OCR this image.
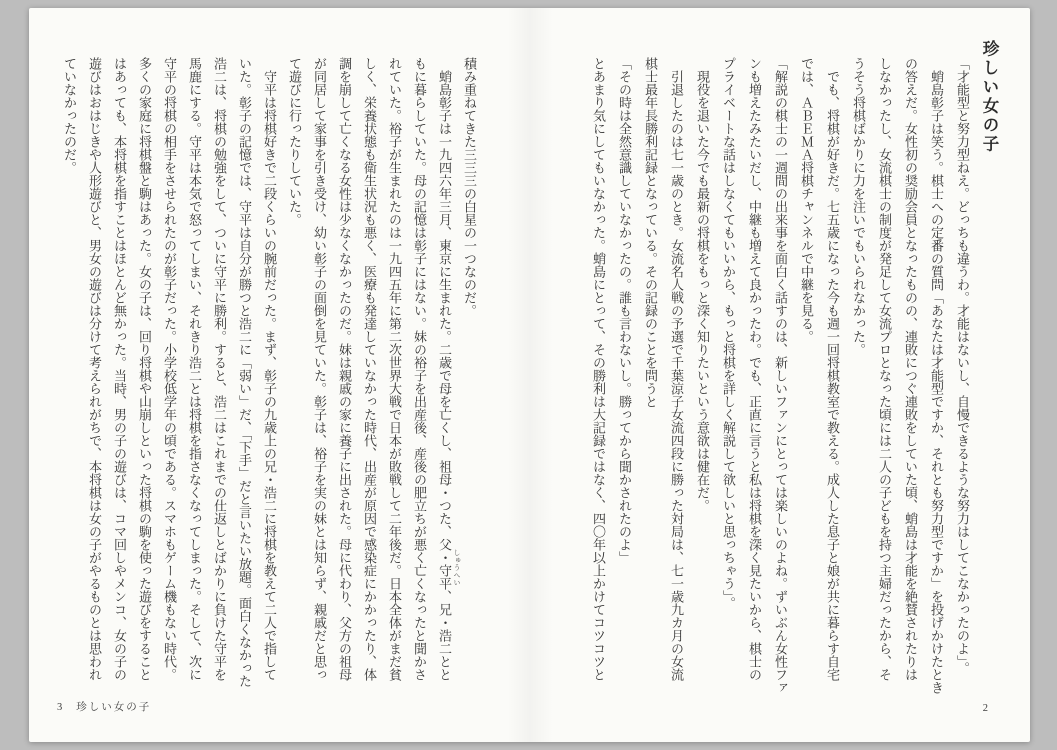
珍しい女の子
「才能型と努力型ねえ。どっちも違うわ。才能はないし、自慢できるような努力はしてこなかったのよ」。
　蛸島彰子は笑う。棋士への定番の質問「あなたは才能型ですか、それとも努力型ですか」を投げかけたとき
の答えだ。女性初の奨励会員となったものの、連敗につぐ連敗をしていた頃、蛸島は才能を絶賛されたりは
しなかったし、女流棋士の制度が発足して女流プロとなった頃には二人の子どもを持つ主婦だったから、そ
うそう将棋ばかりに力を注いでもいられなかった。
　でも、将棋が好きだ。七五歳になった今も週一回将棋教室で教える。成人した息子と娘が共に暮らす自宅
では、ＡＢＥＭＡ将棋チャンネルで中継を見る。
「解説の棋士の一週間の出来事を面白く話すのは、新しいファンにとっては楽しいのよね。ずいぶん女性ファ
ンも増えたみたいだし、中継も増えて良かったわ。でも、正直に言うと私は将棋を深く見たいから、棋士の
プライベートな話はしなくてもいいから、もっと将棋を詳しく解説して欲しいと思っちゃう」。
　現役を退いた今でも最新の将棋をもっと深く知りたいという意欲は健在だ。
　引退したのは七一歳のとき。女流名人戦の予選で千葉涼子女流四段に勝った対局は、七一歳九カ月の女流
棋士最年長勝利記録となっている。その記録のことを問うと
「その時は全然意識していなかったの。誰も言わないし。勝ってから聞かされたのよ」
とあまり気にしてもいなかった。蛸島にとって、その勝利は大記録ではなく、四〇年以上かけてコツコツと
2
しゅうへい
積み重ねてきた三三三の白星の一つなのだ。
　蛸島彰子は一九四六年三月、東京に生まれた。二歳で母を亡くし、祖母・つた、父・守平、兄・浩二とと
もに暮らしていた。母の記憶は彰子にはない。妹の裕子を出産後、産後の肥立ちが悪く亡くなったと聞かさ
れていた。裕子が生まれたのは一九四五年に第二次世界大戦で日本が敗戦して二年後だ。日本全体がまだ貧
しく、栄養状態も衛生状況も悪く、医療も発達していなかった時代、出産が原因で感染症にかかったり、体
調を崩して亡くなる女性は少なくなかったのだ。妹は親戚の家に養子に出された。母に代わり、父方の祖母
が同居して家事を引き受け、幼い彰子の面倒を見ていた。彰子は、裕子を実の妹とは知らず、親戚だと思っ
て遊びに行ったりしていた。
　守平は将棋好きで二段くらいの腕前だった。まず、彰子の九歳上の兄・浩二に将棋を教えて二人で指して
いた。彰子の記憶では、守平は自分が勝つと浩二に「弱い」だ、「下手」だと言いたい放題。面白くなかった
浩二は、将棋の勉強をして、ついに守平に勝利。すると、浩二はこれまでの仕返しとばかりに負けた守平を
馬鹿にする。守平は本気で怒ってしまい、それきり浩二とは将棋を指さなくなってしまった。そして、次に
守平の将棋の相手をさせられたのが彰子だった。小学校低学年の頃である。スマホもゲーム機もない時代。
多くの家庭に将棋盤と駒はあった。女の子は、回り将棋や山崩しといった将棋の駒を使った遊びをすること
はあっても、本将棋を指すことはほとんど無かった。当時、男の子の遊びは、コマ回しやメンコ、女の子の
遊びはおはじきや人形遊びと、男女の遊びは分けて考えられがちで、本将棋は女の子がやるものとは思われ
ていなかったのだ。
3 珍しい女の子
